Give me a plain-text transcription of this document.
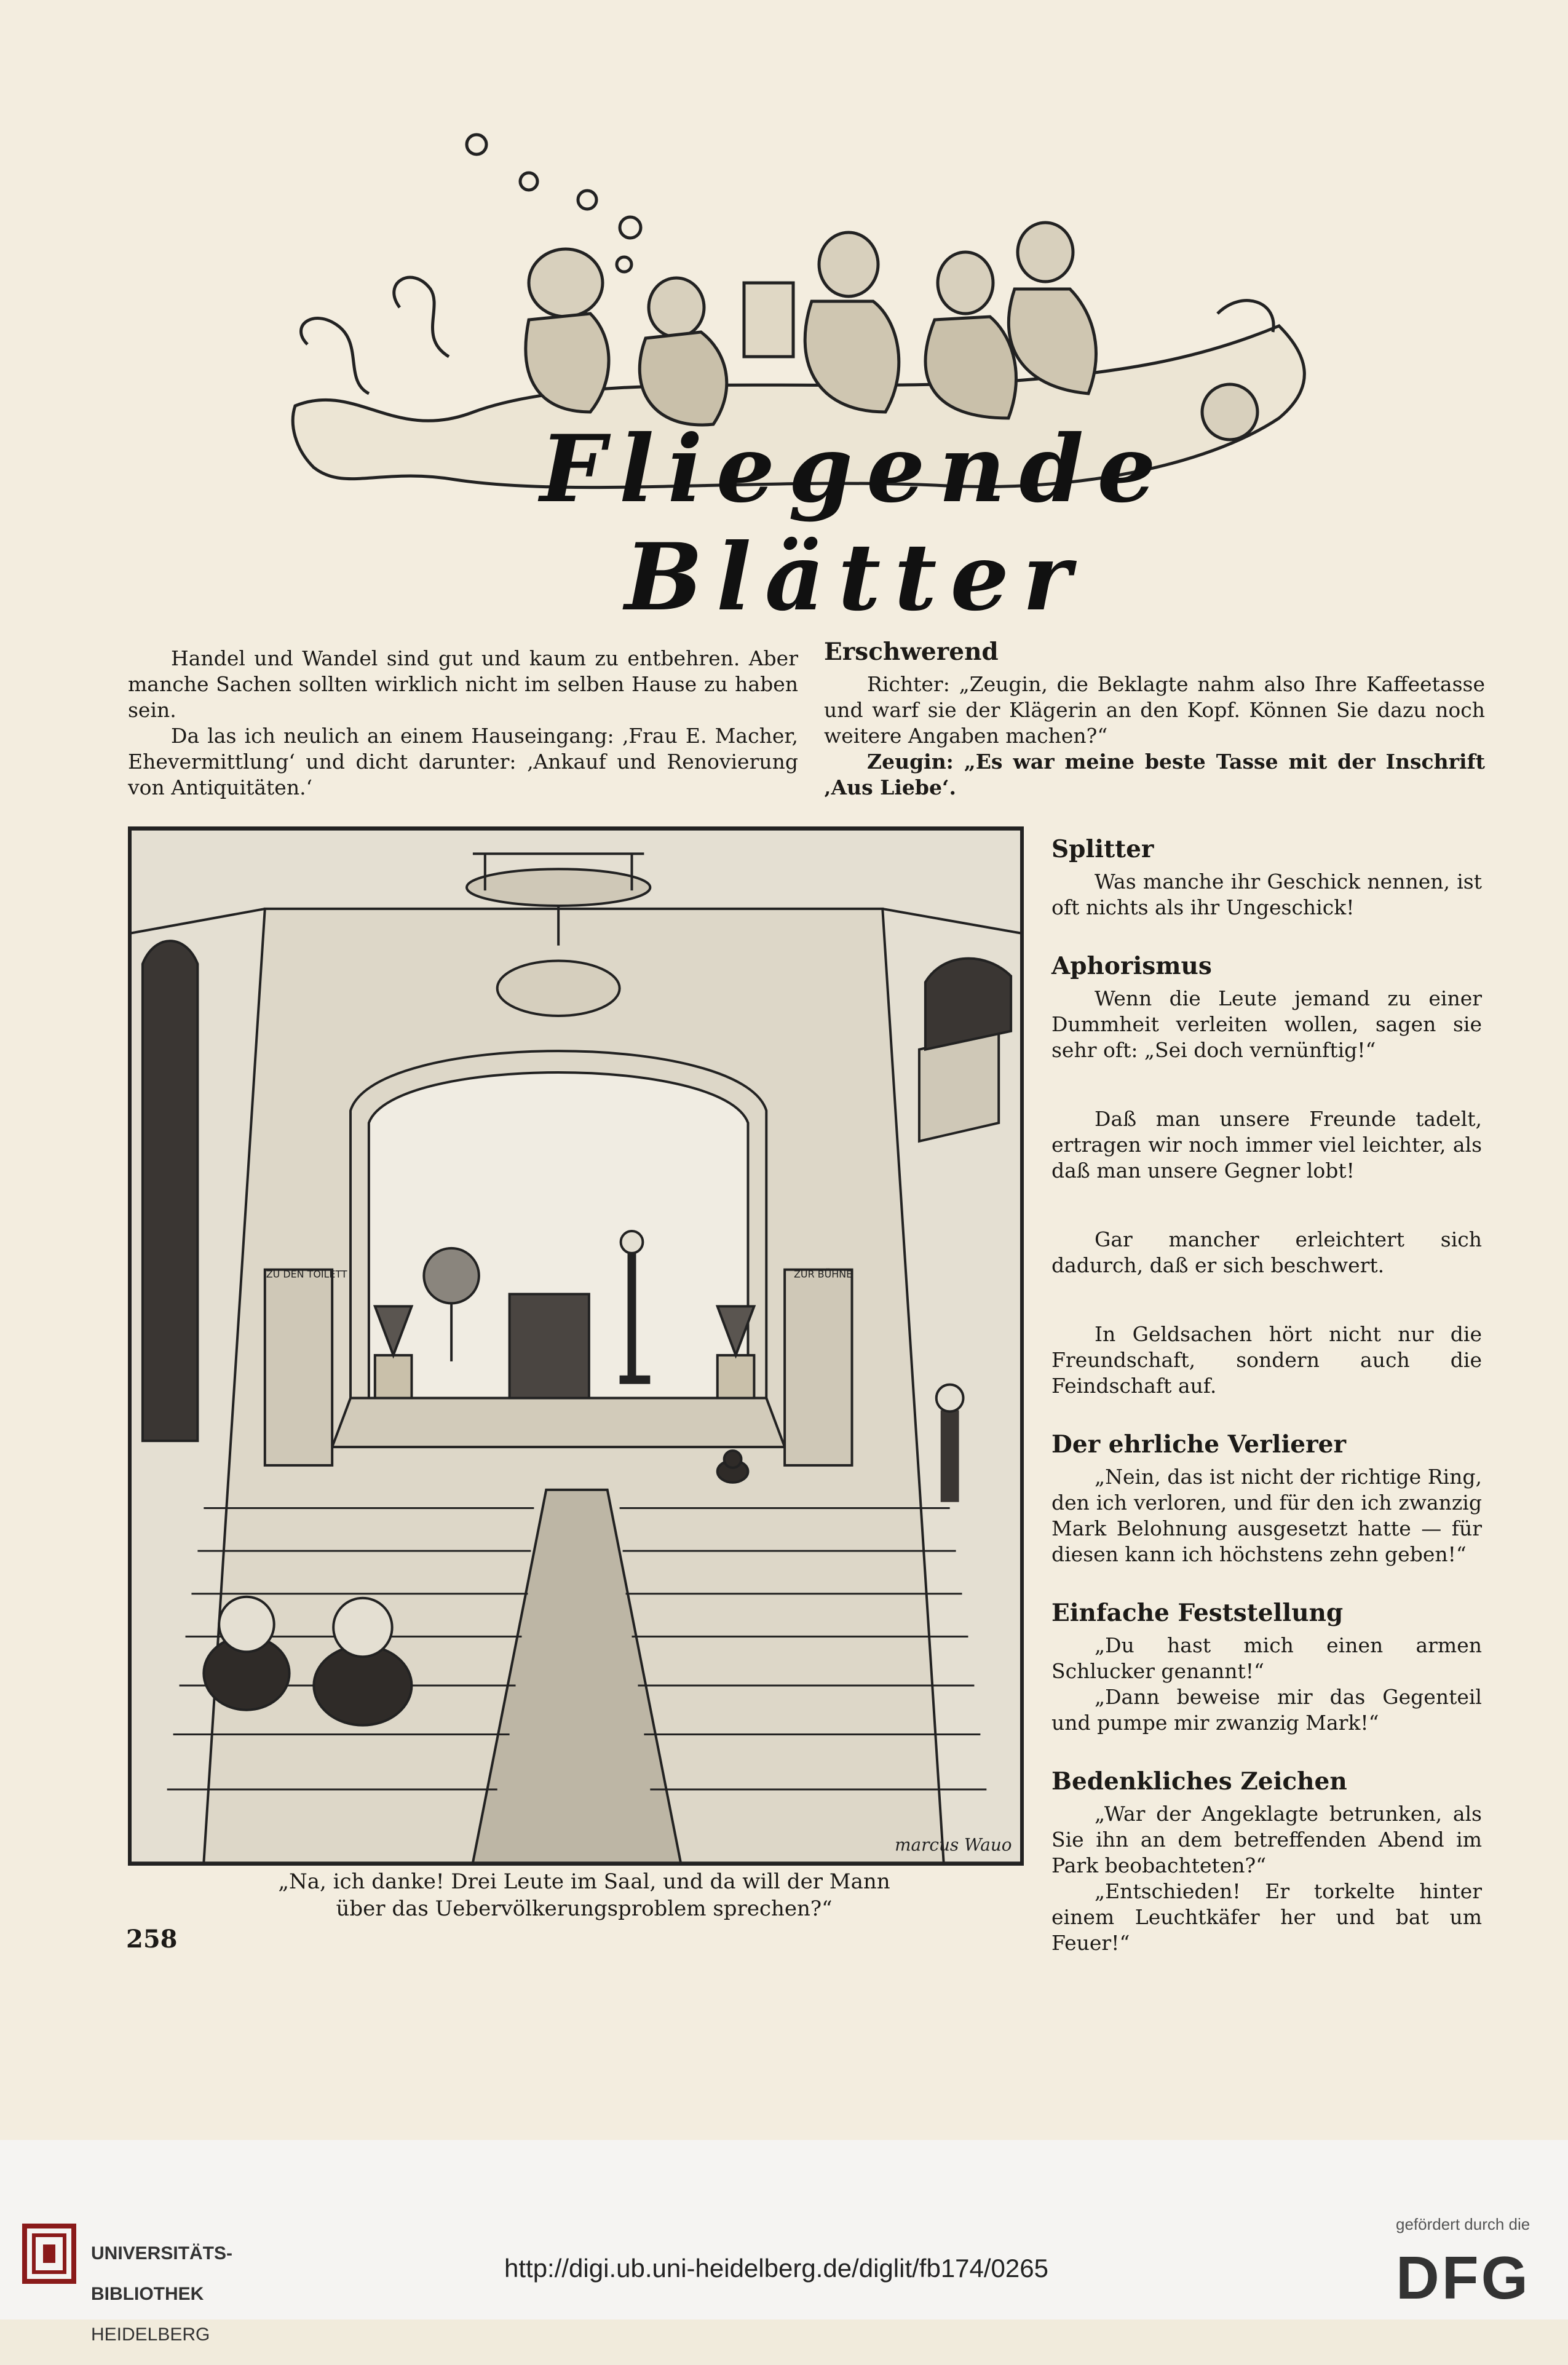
Fliegende Blätter

Handel und Wandel sind gut und kaum zu entbehren. Aber manche Sachen sollten wirklich nicht im selben Hause zu haben sein.

Da las ich neulich an einem Hauseingang: ‚Frau E. Macher, Ehevermittlung‘ und dicht darunter: ‚Ankauf und Renovierung von Antiquitäten.‘

Erschwerend

Richter: „Zeugin, die Beklagte nahm also Ihre Kaffeetasse und warf sie der Klägerin an den Kopf. Können Sie dazu noch weitere Angaben machen?“

Zeugin: „Es war meine beste Tasse mit der Inschrift ‚Aus Liebe‘.

ZU DEN TOILETT	ZUR BÜHNE
marcus Wauo
„Na, ich danke! Drei Leute im Saal, und da will der Mann über das Uebervölkerungsproblem sprechen?“
258
Splitter

Was manche ihr Geschick nennen, ist oft nichts als ihr Ungeschick!

Aphorismus

Wenn die Leute jemand zu einer Dummheit verleiten wollen, sagen sie sehr oft: „Sei doch vernünftig!“

Daß man unsere Freunde tadelt, ertragen wir noch immer viel leichter, als daß man unsere Gegner lobt!

Gar mancher erleichtert sich dadurch, daß er sich beschwert.

In Geldsachen hört nicht nur die Freundschaft, sondern auch die Feindschaft auf.

Der ehrliche Verlierer

„Nein, das ist nicht der richtige Ring, den ich verloren, und für den ich zwanzig Mark Belohnung ausgesetzt hatte — für diesen kann ich höchstens zehn geben!“

Einfache Feststellung

„Du hast mich einen armen Schlucker genannt!“

„Dann beweise mir das Gegenteil und pumpe mir zwanzig Mark!“

Bedenkliches Zeichen

„War der Angeklagte betrunken, als Sie ihn an dem betreffenden Abend im Park beobachteten?“

„Entschieden! Er torkelte hinter einem Leuchtkäfer her und bat um Feuer!“

UNIVERSITÄTS-

BIBLIOTHEK

HEIDELBERG

http://digi.ub.uni-heidelberg.de/diglit/fb174/0265
gefördert durch die
DFG
